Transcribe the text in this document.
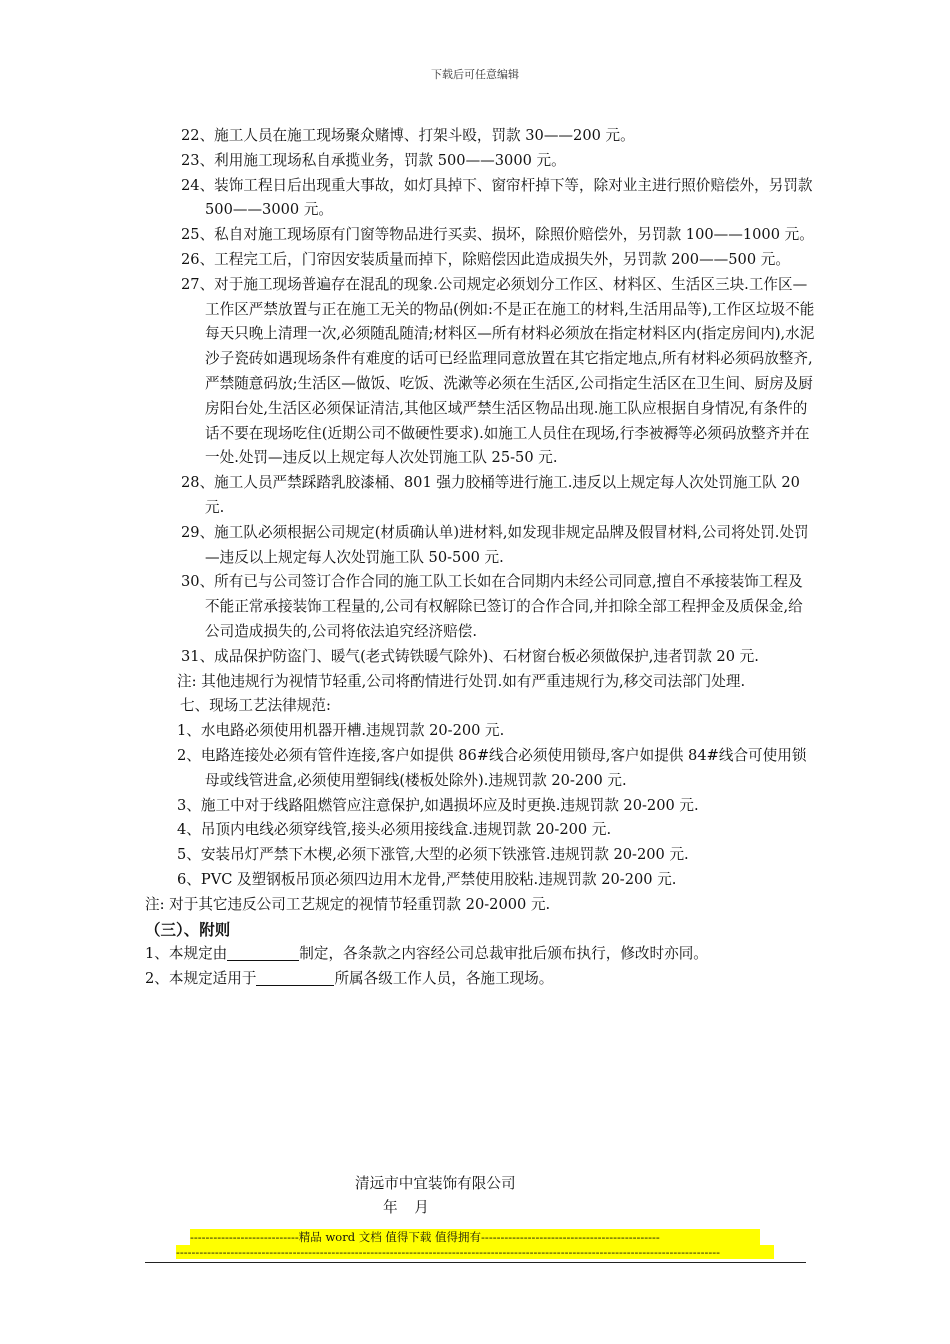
下载后可任意编辑

22、施工人员在施工现场聚众赌博、打架斗殴，罚款 30——200 元。

23、利用施工现场私自承揽业务，罚款 500——3000 元。

24、装饰工程日后出现重大事故，如灯具掉下、窗帘杆掉下等，除对业主进行照价赔偿外，另罚款 500——3000 元。

25、私自对施工现场原有门窗等物品进行买卖、损坏，除照价赔偿外，另罚款 100——1000 元。

26、工程完工后，门帘因安装质量而掉下，除赔偿因此造成损失外，另罚款 200——500 元。

27、对于施工现场普遍存在混乱的现象.公司规定必须划分工作区、材料区、生活区三块.工作区—工作区严禁放置与正在施工无关的物品(例如:不是正在施工的材料,生活用品等),工作区垃圾不能每天只晚上清理一次,必须随乱随清;材料区—所有材料必须放在指定材料区内(指定房间内),水泥沙子瓷砖如遇现场条件有难度的话可已经监理同意放置在其它指定地点,所有材料必须码放整齐,严禁随意码放;生活区—做饭、吃饭、洗漱等必须在生活区,公司指定生活区在卫生间、厨房及厨房阳台处,生活区必须保证清洁,其他区域严禁生活区物品出现.施工队应根据自身情况,有条件的话不要在现场吃住(近期公司不做硬性要求).如施工人员住在现场,行李被褥等必须码放整齐并在一处.处罚—违反以上规定每人次处罚施工队 25-50 元.

28、施工人员严禁踩踏乳胶漆桶、801 强力胶桶等进行施工.违反以上规定每人次处罚施工队 20 元.

29、施工队必须根据公司规定(材质确认单)进材料,如发现非规定品牌及假冒材料,公司将处罚.处罚—违反以上规定每人次处罚施工队 50-500 元.

30、所有已与公司签订合作合同的施工队工长如在合同期内未经公司同意,擅自不承接装饰工程及不能正常承接装饰工程量的,公司有权解除已签订的合作合同,并扣除全部工程押金及质保金,给公司造成损失的,公司将依法追究经济赔偿.

31、成品保护防盗门、暖气(老式铸铁暖气除外)、石材窗台板必须做保护,违者罚款 20 元.

注: 其他违规行为视情节轻重,公司将酌情进行处罚.如有严重违规行为,移交司法部门处理.

七、现场工艺法律规范:

1、水电路必须使用机器开槽.违规罚款 20-200 元.

2、电路连接处必须有管件连接,客户如提供 86#线合必须使用锁母,客户如提供 84#线合可使用锁母或线管进盒,必须使用塑铜线(楼板处除外).违规罚款 20-200 元.

3、施工中对于线路阻燃管应注意保护,如遇损坏应及时更换.违规罚款 20-200 元.

4、吊顶内电线必须穿线管,接头必须用接线盒.违规罚款 20-200 元.

5、安装吊灯严禁下木楔,必须下涨管,大型的必须下铁涨管.违规罚款 20-200 元.

6、PVC 及塑钢板吊顶必须四边用木龙骨,严禁使用胶粘.违规罚款 20-200 元.

注: 对于其它违反公司工艺规定的视情节轻重罚款 20-2000 元.

（三）、附则

1、本规定由	制定，各条款之内容经公司总裁审批后颁布执行，修改时亦同。

2、本规定适用于	所属各级工作人员，各施工现场。

清远市中宜装饰有限公司
年 月
----------------------------精品 word 文档 值得下载 值得拥有----------------------------------------------
--------------------------------------------------------------------------------------------------------------------------------------------
